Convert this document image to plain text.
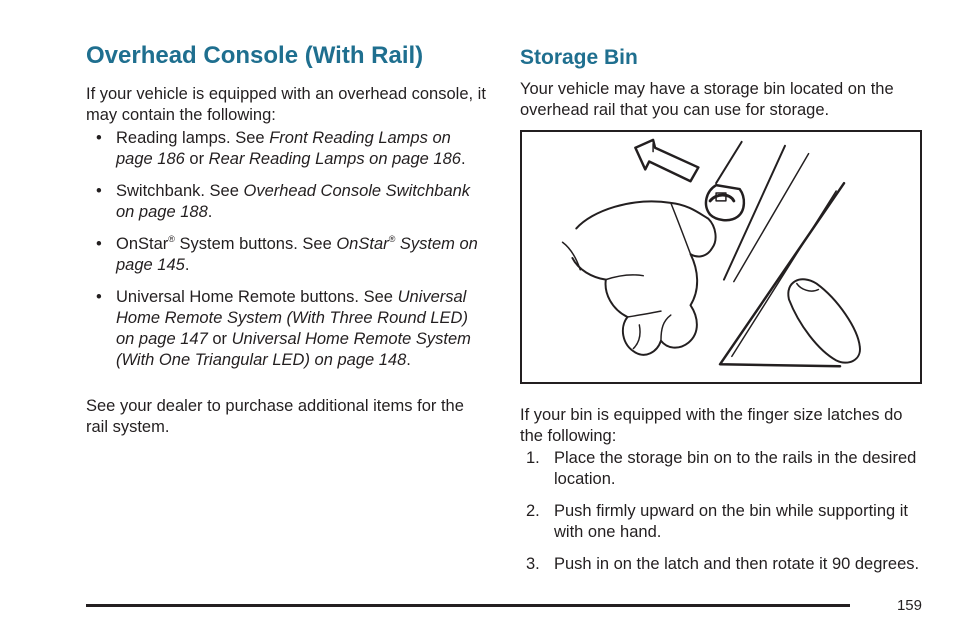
Overhead Console (With Rail)

If your vehicle is equipped with an overhead console, it may contain the following:

• Reading lamps. See Front Reading Lamps on page 186 or Rear Reading Lamps on page 186.
• Switchbank. See Overhead Console Switchbank on page 188.
• OnStar® System buttons. See OnStar® System on page 145.
• Universal Home Remote buttons. See Universal Home Remote System (With Three Round LED) on page 147 or Universal Home Remote System (With One Triangular LED) on page 148.

See your dealer to purchase additional items for the rail system.

Storage Bin

Your vehicle may have a storage bin located on the overhead rail that you can use for storage.

If your bin is equipped with the finger size latches do the following:

1. Place the storage bin on to the rails in the desired location.
2. Push firmly upward on the bin while supporting it with one hand.
3. Push in on the latch and then rotate it 90 degrees.
159
